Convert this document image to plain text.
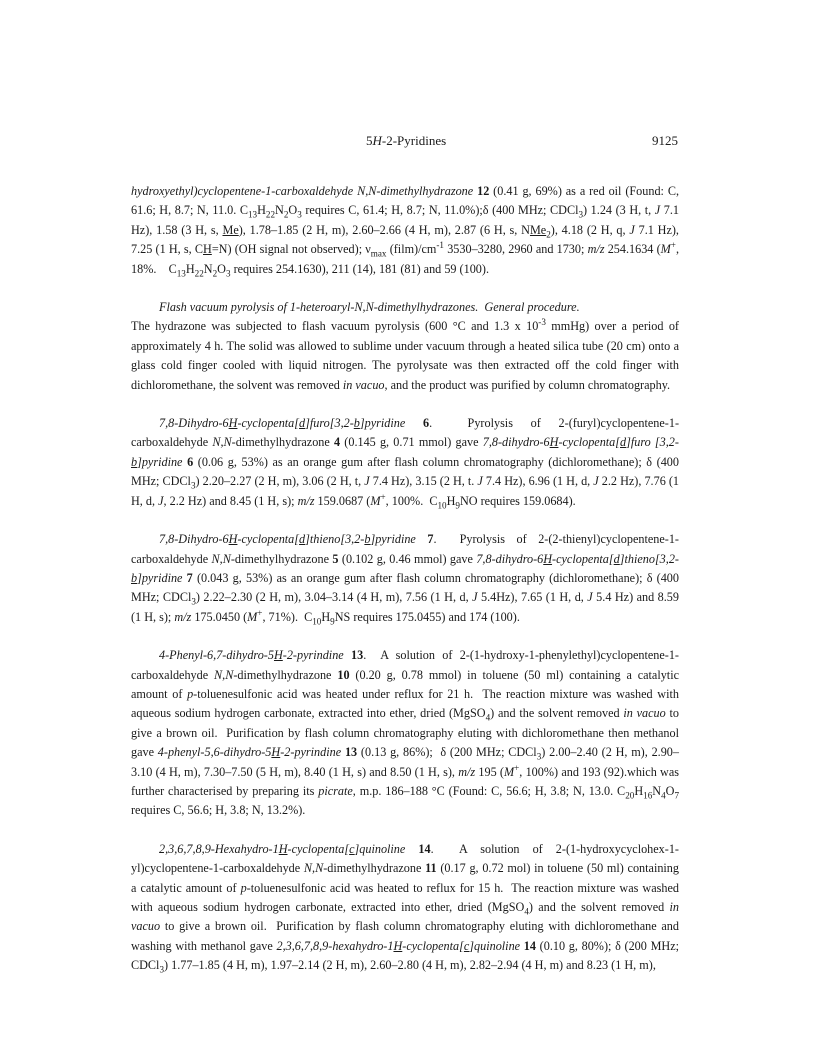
5H-2-Pyridines	9125

hydroxyethyl)cyclopentene-1-carboxaldehyde N,N-dimethylhydrazone 12 (0.41 g, 69%) as a red oil (Found: C, 61.6; H, 8.7; N, 11.0. $C_{13}H_{22}N_2O_3$ requires C, 61.4; H, 8.7; N, 11.0%);δ (400 MHz; CDCl$_3$) 1.24 (3 H, t, J 7.1 Hz), 1.58 (3 H, s, Me), 1.78–1.85 (2 H, m), 2.60–2.66 (4 H, m), 2.87 (6 H, s, NMe$_2$), 4.18 (2 H, q, J 7.1 Hz), 7.25 (1 H, s, CH=N) (OH signal not observed); $\nu_{max}$ $(film)/cm^{-1}$ 3530–3280, 2960 and 1730; m/z 254.1634 (M+, 18%.    $C_{13}H_{22}N_2O_3$ requires 254.1630), 211 (14), 181 (81) and 59 (100).

Flash vacuum pyrolysis of 1-heteroaryl-N,N-dimethylhydrazones.  General procedure.

The hydrazone was subjected to flash vacuum pyrolysis (600 °C and 1.3 x $10^{-3}$ mmHg) over a period of approximately 4 h. The solid was allowed to sublime under vacuum through a heated silica tube (20 cm) onto a glass cold finger cooled with liquid nitrogen. The pyrolysate was then extracted off the cold finger with dichloromethane, the solvent was removed in vacuo, and the product was purified by column chromatography.

7,8-Dihydro-6H-cyclopenta[d]furo[3,2-b]pyridine 6.  Pyrolysis of 2-(furyl)cyclopentene-1-carboxaldehyde N,N-dimethylhydrazone 4 (0.145 g, 0.71 mmol) gave 7,8-dihydro-6H-cyclopenta[d]furo [3,2-b]pyridine 6 (0.06 g, 53%) as an orange gum after flash column chromatography (dichloromethane); δ (400 MHz; CDCl$_3$) 2.20–2.27 (2 H, m), 3.06 (2 H, t, J 7.4 Hz), 3.15 (2 H, t. J 7.4 Hz), 6.96 (1 H, d, J 2.2 Hz), 7.76 (1 H, d, J, 2.2 Hz) and 8.45 (1 H, s); m/z 159.0687 (M+, 100%.  $C_{10}H_9NO$ requires 159.0684).

7,8-Dihydro-6H-cyclopenta[d]thieno[3,2-b]pyridine 7.  Pyrolysis of 2-(2-thienyl)cyclopentene-1-carboxaldehyde N,N-dimethylhydrazone 5 (0.102 g, 0.46 mmol) gave 7,8-dihydro-6H-cyclopenta[d]thieno[3,2-b]pyridine 7 (0.043 g, 53%) as an orange gum after flash column chromatography (dichloromethane); δ (400 MHz; CDCl$_3$) 2.22–2.30 (2 H, m), 3.04–3.14 (4 H, m), 7.56 (1 H, d, J 5.4Hz), 7.65 (1 H, d, J 5.4 Hz) and 8.59 (1 H, s); m/z 175.0450 (M+, 71%).  $C_{10}H_9NS$ requires 175.0455) and 174 (100).

4-Phenyl-6,7-dihydro-5H-2-pyrindine 13.  A solution of 2-(1-hydroxy-1-phenylethyl)cyclopentene-1-carboxaldehyde N,N-dimethylhydrazone 10 (0.20 g, 0.78 mmol) in toluene (50 ml) containing a catalytic amount of p-toluenesulfonic acid was heated under reflux for 21 h.  The reaction mixture was washed with aqueous sodium hydrogen carbonate, extracted into ether, dried (MgSO$_4$) and the solvent removed in vacuo to give a brown oil.  Purification by flash column chromatography eluting with dichloromethane then methanol gave 4-phenyl-5,6-dihydro-5H-2-pyrindine 13 (0.13 g, 86%);  δ (200 MHz; CDCl$_3$) 2.00–2.40 (2 H, m), 2.90–3.10 (4 H, m), 7.30–7.50 (5 H, m), 8.40 (1 H, s) and 8.50 (1 H, s), m/z 195 (M+, 100%) and 193 (92).which was further characterised by preparing its picrate, m.p. 186–188 °C (Found: C, 56.6; H, 3.8; N, 13.0. $C_{20}H_{16}N_4O_7$ requires C, 56.6; H, 3.8; N, 13.2%).

2,3,6,7,8,9-Hexahydro-1H-cyclopenta[c]quinoline 14.  A solution of 2-(1-hydroxycyclohex-1-yl)cyclopentene-1-carboxaldehyde N,N-dimethylhydrazone 11 (0.17 g, 0.72 mol) in toluene (50 ml) containing a catalytic amount of p-toluenesulfonic acid was heated to reflux for 15 h.  The reaction mixture was washed with aqueous sodium hydrogen carbonate, extracted into ether, dried (MgSO$_4$) and the solvent removed in vacuo to give a brown oil.  Purification by flash column chromatography eluting with dichloromethane and washing with methanol gave 2,3,6,7,8,9-hexahydro-1H-cyclopenta[c]quinoline 14 (0.10 g, 80%); δ (200 MHz; CDCl$_3$) 1.77–1.85 (4 H, m), 1.97–2.14 (2 H, m), 2.60–2.80 (4 H, m), 2.82–2.94 (4 H, m) and 8.23 (1 H, m),
